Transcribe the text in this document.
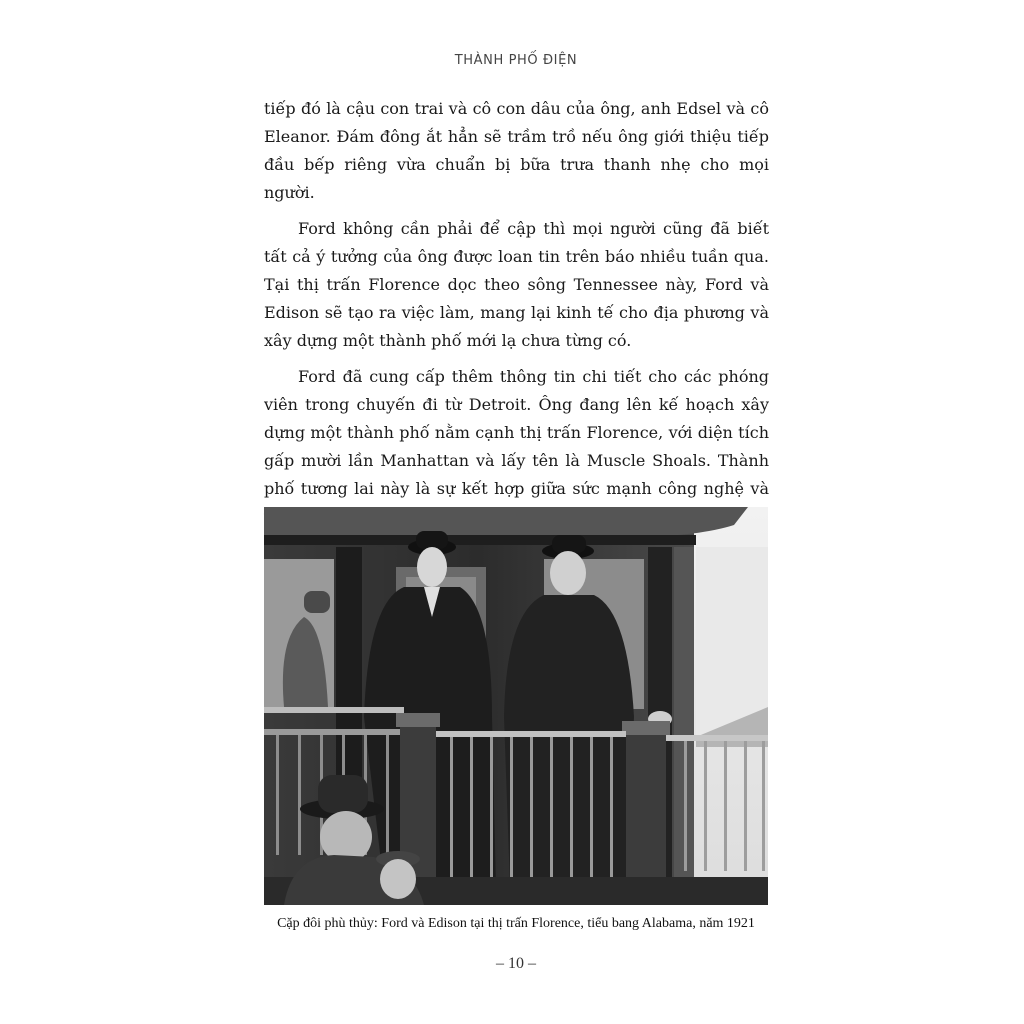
THÀNH PHỐ ĐIỆN

tiếp đó là cậu con trai và cô con dâu của ông, anh Edsel và cô Eleanor. Đám đông ắt hẳn sẽ trầm trồ nếu ông giới thiệu tiếp đầu bếp riêng vừa chuẩn bị bữa trưa thanh nhẹ cho mọi người.

Ford không cần phải để cập thì mọi người cũng đã biết tất cả ý tưởng của ông được loan tin trên báo nhiều tuần qua. Tại thị trấn Florence dọc theo sông Tennessee này, Ford và Edison sẽ tạo ra việc làm, mang lại kinh tế cho địa phương và xây dựng một thành phố mới lạ chưa từng có.

Ford đã cung cấp thêm thông tin chi tiết cho các phóng viên trong chuyến đi từ Detroit. Ông đang lên kế hoạch xây dựng một thành phố nằm cạnh thị trấn Florence, với diện tích gấp mười lần Manhattan và lấy tên là Muscle Shoals. Thành phố tương lai này là sự kết hợp giữa sức mạnh công nghệ và

Cặp đôi phù thủy: Ford và Edison tại thị trấn Florence, tiểu bang Alabama, năm 1921
– 10 –
